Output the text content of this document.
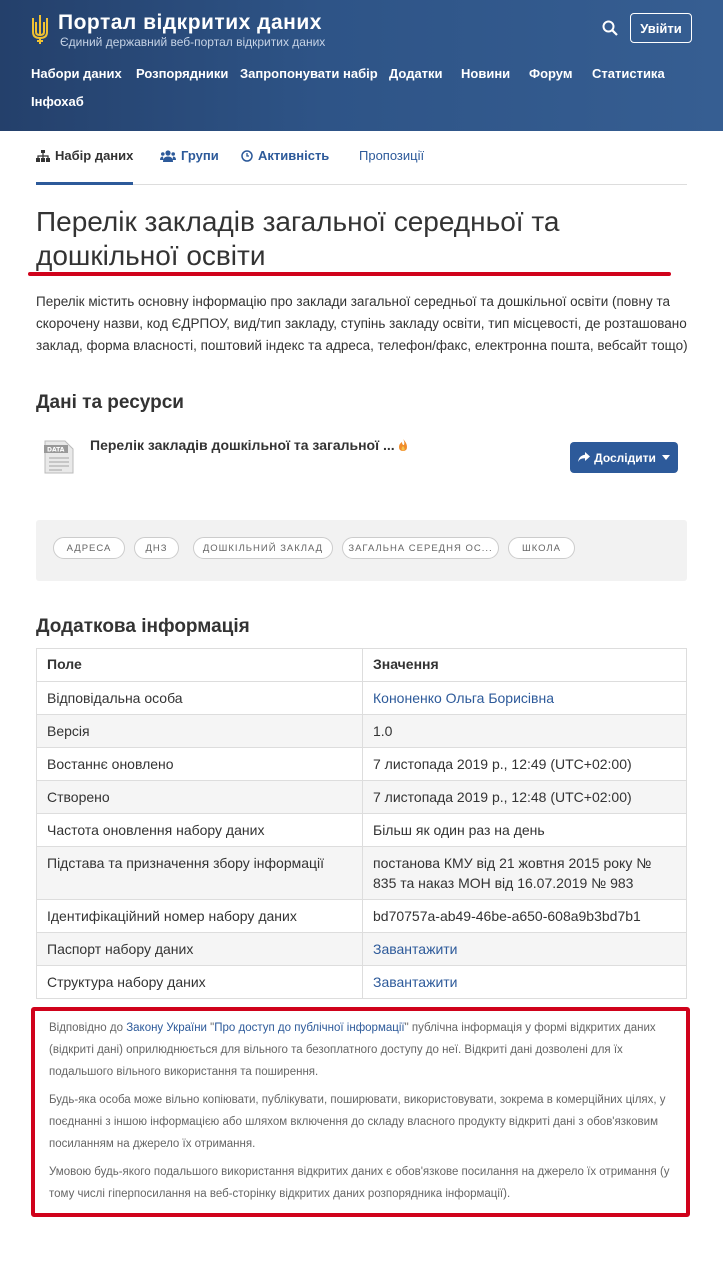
Портал відкритих даних
Єдиний державний веб-портал відкритих даних
Увійти
Набори даних Розпорядники Запропонувати набір Додатки Новини Форум Статистика
Інфохаб
Набір даних	Групи	Активність Пропозиції
Перелік закладів загальної середньої та дошкільної освіти

Перелік містить основну інформацію про заклади загальної середньої та дошкільної освіти (повну та скорочену назви, код ЄДРПОУ, вид/тип закладу, ступінь закладу освіти, тип місцевості, де розташовано заклад, форма власності, поштовий індекс та адреса, телефон/факс, електронна пошта, вебсайт тощо)

Дані та ресурси
DATA Перелік закладів дошкільної та загальної ...
Дослідити
АДРЕСА	ДНЗ	ДОШКІЛЬНИЙ ЗАКЛАД	ЗАГАЛЬНА СЕРЕДНЯ ОС...	ШКОЛА
Додаткова інформація
Поле	Значення
Відповідальна особа	Кононенко Ольга Борисівна
Версія	1.0
Востаннє оновлено	7 листопада 2019 р., 12:49 (UTC+02:00)
Створено	7 листопада 2019 р., 12:48 (UTC+02:00)
Частота оновлення набору даних	Більш як один раз на день
Підстава та призначення збору інформації	постанова КМУ від 21 жовтня 2015 року № 835 та наказ МОН від 16.07.2019 № 983
Ідентифікаційний номер набору даних	bd70757a-ab49-46be-a650-608a9b3bd7b1
Паспорт набору даних	Завантажити
Структура набору даних	Завантажити

Відповідно до Закону України "Про доступ до публічної інформації" публічна інформація у формі відкритих даних (відкриті дані) оприлюднюється для вільного та безоплатного доступу до неї. Відкриті дані дозволені для їх подальшого вільного використання та поширення.

Будь-яка особа може вільно копіювати, публікувати, поширювати, використовувати, зокрема в комерційних цілях, у поєднанні з іншою інформацією або шляхом включення до складу власного продукту відкриті дані з обов'язковим посиланням на джерело їх отримання.

Умовою будь-якого подальшого використання відкритих даних є обов'язкове посилання на джерело їх отримання (у тому числі гіперпосилання на веб-сторінку відкритих даних розпорядника інформації).
